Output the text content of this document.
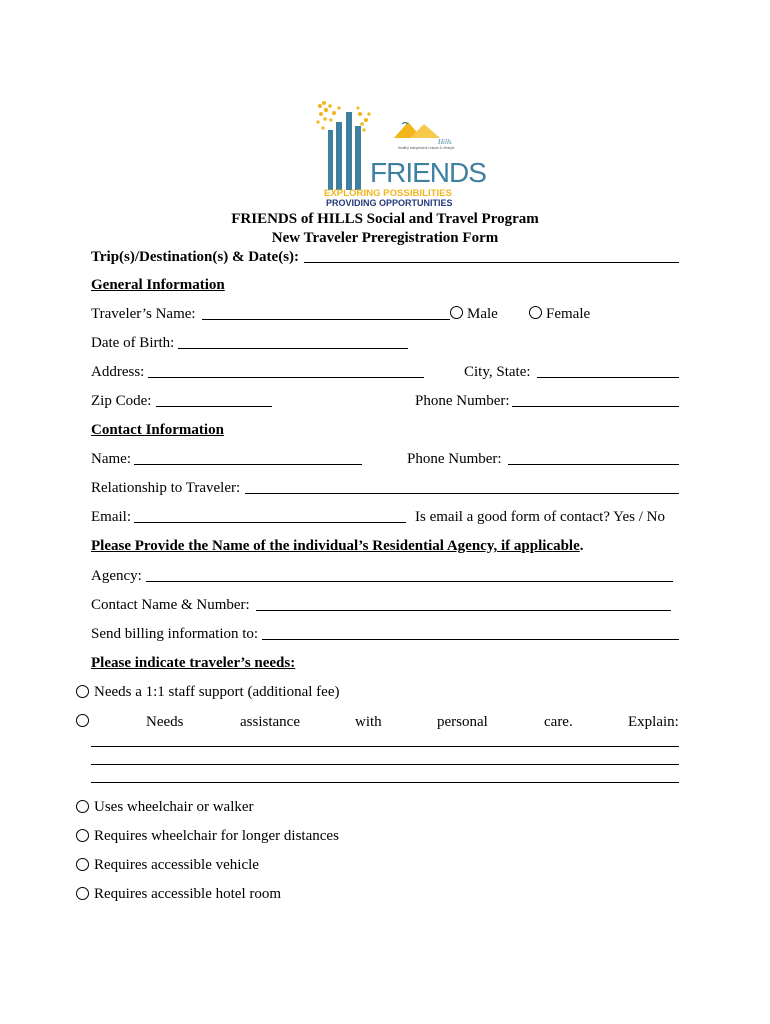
Hills
Healthy Independent Leisure & Lifestyle
FRIENDS
EXPLORING POSSIBILITIES
PROVIDING OPPORTUNITIES
FRIENDS of HILLS Social and Travel Program
New Traveler Preregistration Form
Trip(s)/Destination(s) & Date(s):
General Information
Traveler’s Name:	Male	Female
Date of Birth:
Address:	City, State:
Zip Code:	Phone Number:
Contact Information
Name:	Phone Number:
Relationship to Traveler:
Email:	Is email a good form of contact? Yes / No
Please Provide the Name of the individual’s Residential Agency, if applicable.
Agency:
Contact Name & Number:
Send billing information to:
Please indicate traveler’s needs:
Needs a 1:1 staff support (additional fee)
Needs	assistance	with	personal	care.	Explain:
Uses wheelchair or walker
Requires wheelchair for longer distances
Requires accessible vehicle
Requires accessible hotel room
